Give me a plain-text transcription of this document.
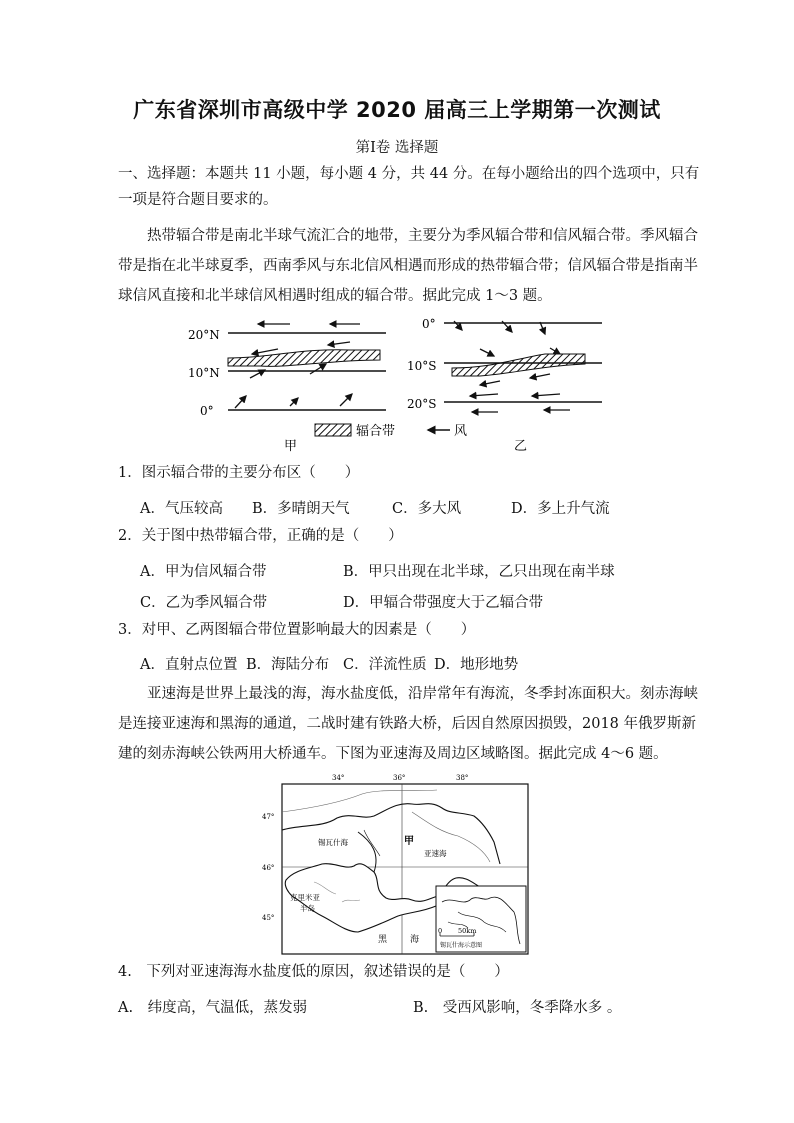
广东省深圳市高级中学 2020 届高三上学期第一次测试
第Ⅰ卷 选择题
一、选择题：本题共 11 小题，每小题 4 分，共 44 分。在每小题给出的四个选项中，只有
一项是符合题目要求的。
热带辐合带是南北半球气流汇合的地带，主要分为季风辐合带和信风辐合带。季风辐合
带是指在北半球夏季，西南季风与东北信风相遇而形成的热带辐合带；信风辐合带是指南半
球信风直接和北半球信风相遇时组成的辐合带。据此完成 1～3 题。
20°N
10°N
0°
甲
辐合带	风
0°
10°S
20°S
乙
1．图示辐合带的主要分布区（　　）
A．气压较高 B．多晴朗天气	C．多大风	D．多上升气流
2．关于图中热带辐合带，正确的是（　　）
A．甲为信风辐合带	B．甲只出现在北半球，乙只出现在南半球
C．乙为季风辐合带	D．甲辐合带强度大于乙辐合带
3．对甲、乙两图辐合带位置影响最大的因素是（　　）
A．直射点位置 B．海陆分布 C．洋流性质 D．地形地势
亚速海是世界上最浅的海，海水盐度低，沿岸常年有海流，冬季封冻面积大。刻赤海峡
是连接亚速海和黑海的通道，二战时建有铁路大桥，后因自然原因损毁，2018 年俄罗斯新
建的刻赤海峡公铁两用大桥通车。下图为亚速海及周边区域略图。据此完成 4～6 题。
34°	36°	38°
47°
46°
45°
锡瓦什海	甲
亚速海
克里米亚
半岛
黑	海
0 50km
锡瓦什海示意图
4.　下列对亚速海海水盐度低的原因，叙述错误的是（　　）
A.　纬度高，气温低，蒸发弱	B.　受西风影响，冬季降水多 。
